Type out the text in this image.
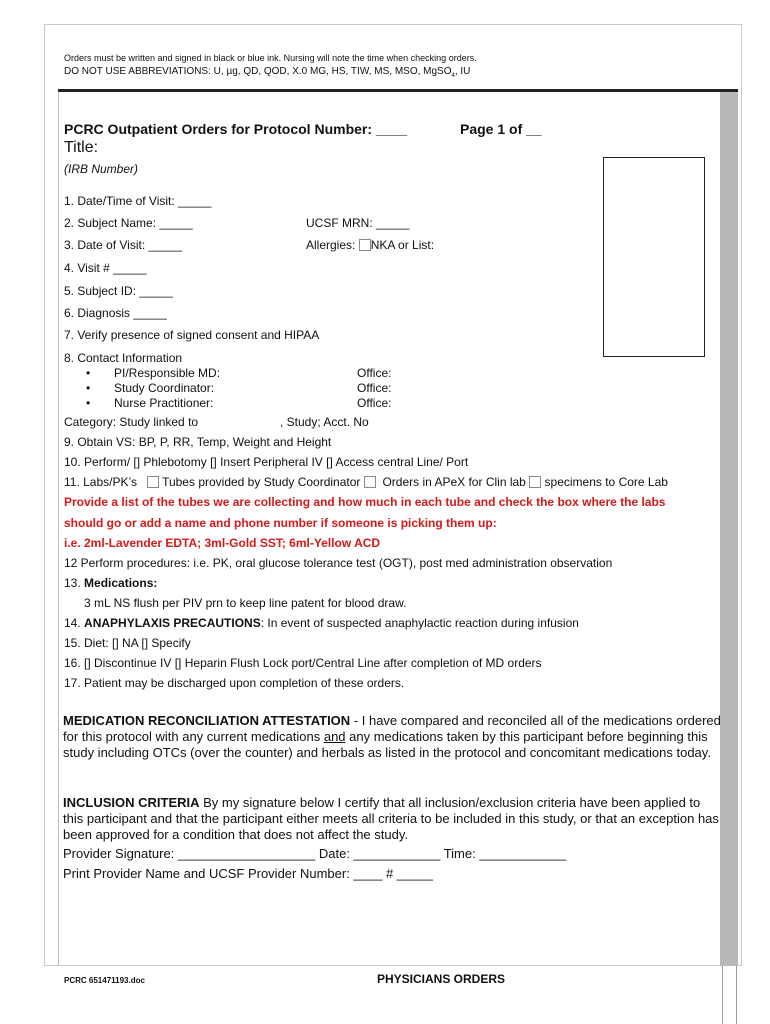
Orders must be written and signed in black or blue ink. Nursing will note the time when checking orders.
DO NOT USE ABBREVIATIONS: U, µg, QD, QOD, X.0 MG, HS, TIW, MS, MSO, MgSO$_4$, IU
PCRC Outpatient Orders for Protocol Number: ____	Page 1 of __
Title:
(IRB Number)
1. Date/Time of Visit: _____
2. Subject Name: _____	UCSF MRN: _____
3. Date of Visit: _____	Allergies: NKA or List:
4. Visit # _____
5. Subject ID: _____
6. Diagnosis _____
7. Verify presence of signed consent and HIPAA
8. Contact Information
• PI/Responsible MD:	Office:
• Study Coordinator:	Office:
• Nurse Practitioner:	Office:
Category: Study linked to	, Study; Acct. No
9. Obtain VS: BP, P, RR, Temp, Weight and Height
10. Perform/ [] Phlebotomy [] Insert Peripheral IV [] Access central Line/ Port
11. Labs/PK’s Tubes provided by Study Coordinator Orders in APeX for Clin lab specimens to Core Lab
Provide a list of the tubes we are collecting and how much in each tube and check the box where the labs
should go or add a name and phone number if someone is picking them up:
i.e. 2ml-Lavender EDTA; 3ml-Gold SST; 6ml-Yellow ACD
12 Perform procedures: i.e. PK, oral glucose tolerance test (OGT), post med administration observation
13. Medications:
3 mL NS flush per PIV prn to keep line patent for blood draw.
14. ANAPHYLAXIS PRECAUTIONS: In event of suspected anaphylactic reaction during infusion
15. Diet: [] NA [] Specify
16. [] Discontinue IV [] Heparin Flush Lock port/Central Line after completion of MD orders
17. Patient may be discharged upon completion of these orders.
MEDICATION RECONCILIATION ATTESTATION - I have compared and reconciled all of the medications ordered for this protocol with any current medications and any medications taken by this participant before beginning this study including OTCs (over the counter) and herbals as listed in the protocol and concomitant medications today.
INCLUSION CRITERIA By my signature below I certify that all inclusion/exclusion criteria have been applied to this participant and that the participant either meets all criteria to be included in this study, or that an exception has been approved for a condition that does not affect the study.
Provider Signature: ___________________ Date: ____________ Time: ____________
Print Provider Name and UCSF Provider Number: ____ # _____
PCRC 651471193.doc	PHYSICIANS ORDERS
